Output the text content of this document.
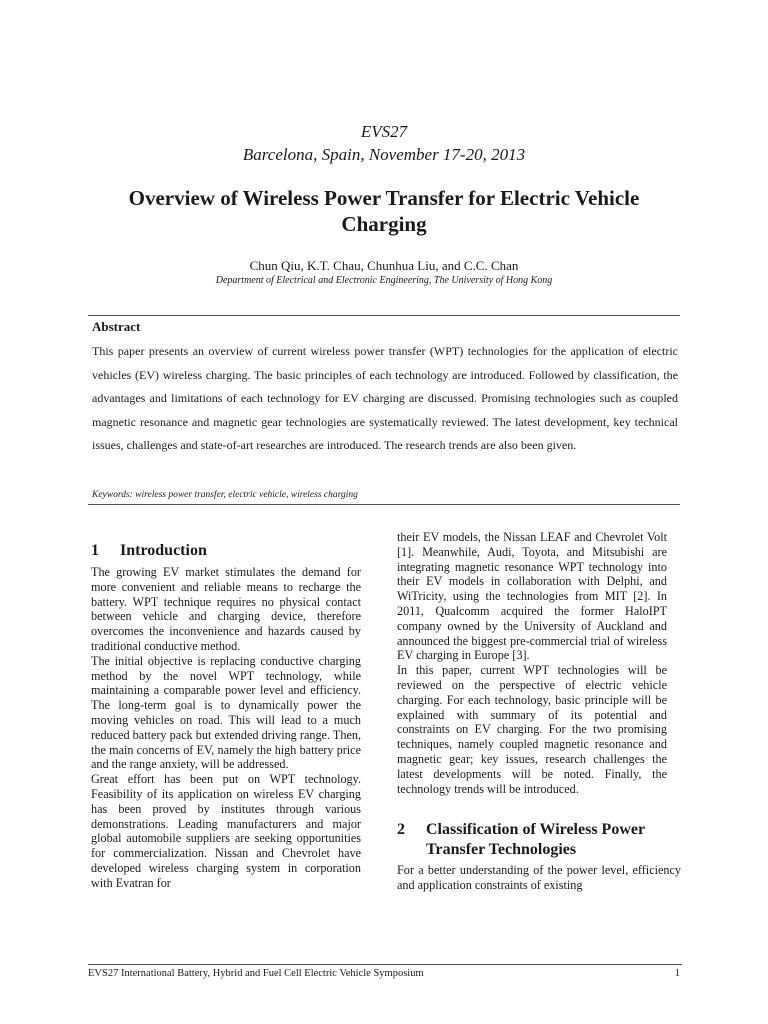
EVS27
Barcelona, Spain, November 17-20, 2013
Overview of Wireless Power Transfer for Electric Vehicle
Charging
Chun Qiu, K.T. Chau, Chunhua Liu, and C.C. Chan
Department of Electrical and Electronic Engineering, The University of Hong Kong
Abstract

This paper presents an overview of current wireless power transfer (WPT) technologies for the application of electric vehicles (EV) wireless charging. The basic principles of each technology are introduced. Followed by classification, the advantages and limitations of each technology for EV charging are discussed. Promising technologies such as coupled magnetic resonance and magnetic gear technologies are systematically reviewed. The latest development, key technical issues, challenges and state-of-art researches are introduced. The research trends are also been given.

Keywords: wireless power transfer, electric vehicle, wireless charging
1 Introduction

The growing EV market stimulates the demand for more convenient and reliable means to recharge the battery. WPT technique requires no physical contact between vehicle and charging device, therefore overcomes the inconvenience and hazards caused by traditional conductive method.

The initial objective is replacing conductive charging method by the novel WPT technology, while maintaining a comparable power level and efficiency. The long-term goal is to dynamically power the moving vehicles on road. This will lead to a much reduced battery pack but extended driving range. Then, the main concerns of EV, namely the high battery price and the range anxiety, will be addressed.

Great effort has been put on WPT technology. Feasibility of its application on wireless EV charging has been proved by institutes through various demonstrations. Leading manufacturers and major global automobile suppliers are seeking opportunities for commercialization. Nissan and Chevrolet have developed wireless charging system in corporation with Evatran for

their EV models, the Nissan LEAF and Chevrolet Volt [1]. Meanwhile, Audi, Toyota, and Mitsubishi are integrating magnetic resonance WPT technology into their EV models in collaboration with Delphi, and WiTricity, using the technologies from MIT [2]. In 2011, Qualcomm acquired the former HaloIPT company owned by the University of Auckland and announced the biggest pre-commercial trial of wireless EV charging in Europe [3].

In this paper, current WPT technologies will be reviewed on the perspective of electric vehicle charging. For each technology, basic principle will be explained with summary of its potential and constraints on EV charging. For the two promising techniques, namely coupled magnetic resonance and magnetic gear; key issues, research challenges the latest developments will be noted. Finally, the technology trends will be introduced.

2 Classification of Wireless Power Transfer Technologies
For a better understanding of the power level, efficiency and application constraints of existing
EVS27 International Battery, Hybrid and Fuel Cell Electric Vehicle Symposium	1
